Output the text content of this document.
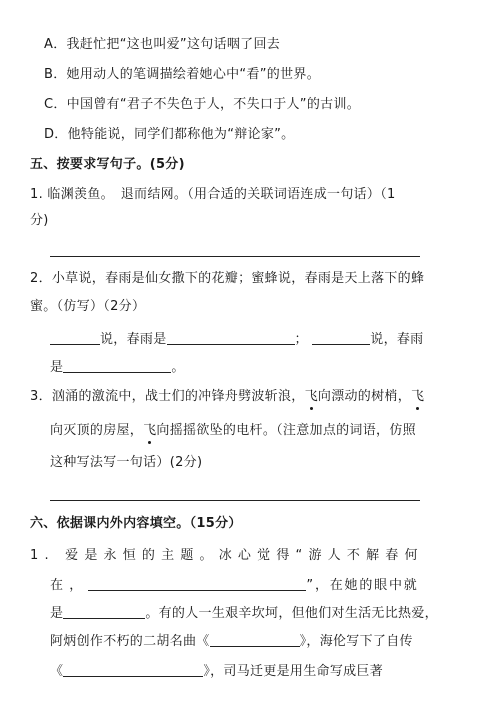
A．我赶忙把“这也叫爱”这句话咽了回去
B．她用动人的笔调描绘着她心中“看”的世界。
C．中国曾有“君子不失色于人，不失口于人”的古训。
D．他特能说，同学们都称他为“辩论家”。
五、按要求写句子。(5分)
1. 临渊羡鱼。　退而结网。（用合适的关联词语连成一句话）（1
分)
2．小草说，春雨是仙女撒下的花瓣；蜜蜂说，春雨是天上落下的蜂
蜜。（仿写）（2分）
说，春雨是	；	说，春雨
是	。
3．汹涌的激流中，战士们的冲锋舟劈波斩浪，飞向漂动的树梢，飞
向灭顶的房屋，飞向摇摇欲坠的电杆。（注意加点的词语，仿照
这种写法写一句话）(2分)
六、依据课内外内容填空。（15分）
1. 爱是永恒的主题。冰心觉得“游人不解春何
在，	”，在她的眼中就
是	。有的人一生艰辛坎坷，但他们对生活无比热爱，
阿炳创作不朽的二胡名曲《	》，海伦写下了自传
《	》，司马迁更是用生命写成巨著
